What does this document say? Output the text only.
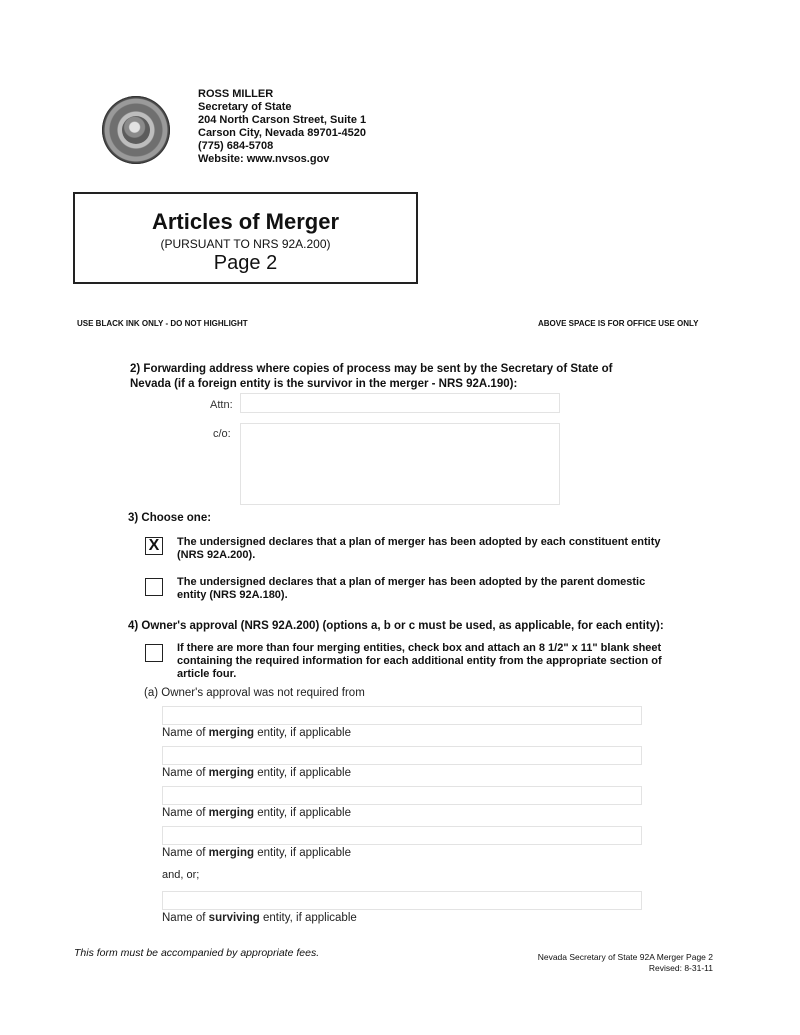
ROSS MILLER
Secretary of State
204 North Carson Street, Suite 1
Carson City, Nevada 89701-4520
(775) 684-5708
Website: www.nvsos.gov
Articles of Merger
(PURSUANT TO NRS 92A.200)
Page 2
USE BLACK INK ONLY - DO NOT HIGHLIGHT	ABOVE SPACE IS FOR OFFICE USE ONLY
2) Forwarding address where copies of process may be sent by the Secretary of State of Nevada (if a foreign entity is the survivor in the merger - NRS 92A.190):
Attn:
c/o:
3) Choose one:
X	The undersigned declares that a plan of merger has been adopted by each constituent entity (NRS 92A.200).
The undersigned declares that a plan of merger has been adopted by the parent domestic entity (NRS 92A.180).
4) Owner's approval (NRS 92A.200) (options a, b or c must be used, as applicable, for each entity):
If there are more than four merging entities, check box and attach an 8 1/2" x 11" blank sheet containing the required information for each additional entity from the appropriate section of article four.
(a) Owner's approval was not required from
Name of merging entity, if applicable
Name of merging entity, if applicable
Name of merging entity, if applicable
Name of merging entity, if applicable
and, or;
Name of surviving entity, if applicable
This form must be accompanied by appropriate fees.	Nevada Secretary of State 92A Merger Page 2
Revised: 8-31-11
